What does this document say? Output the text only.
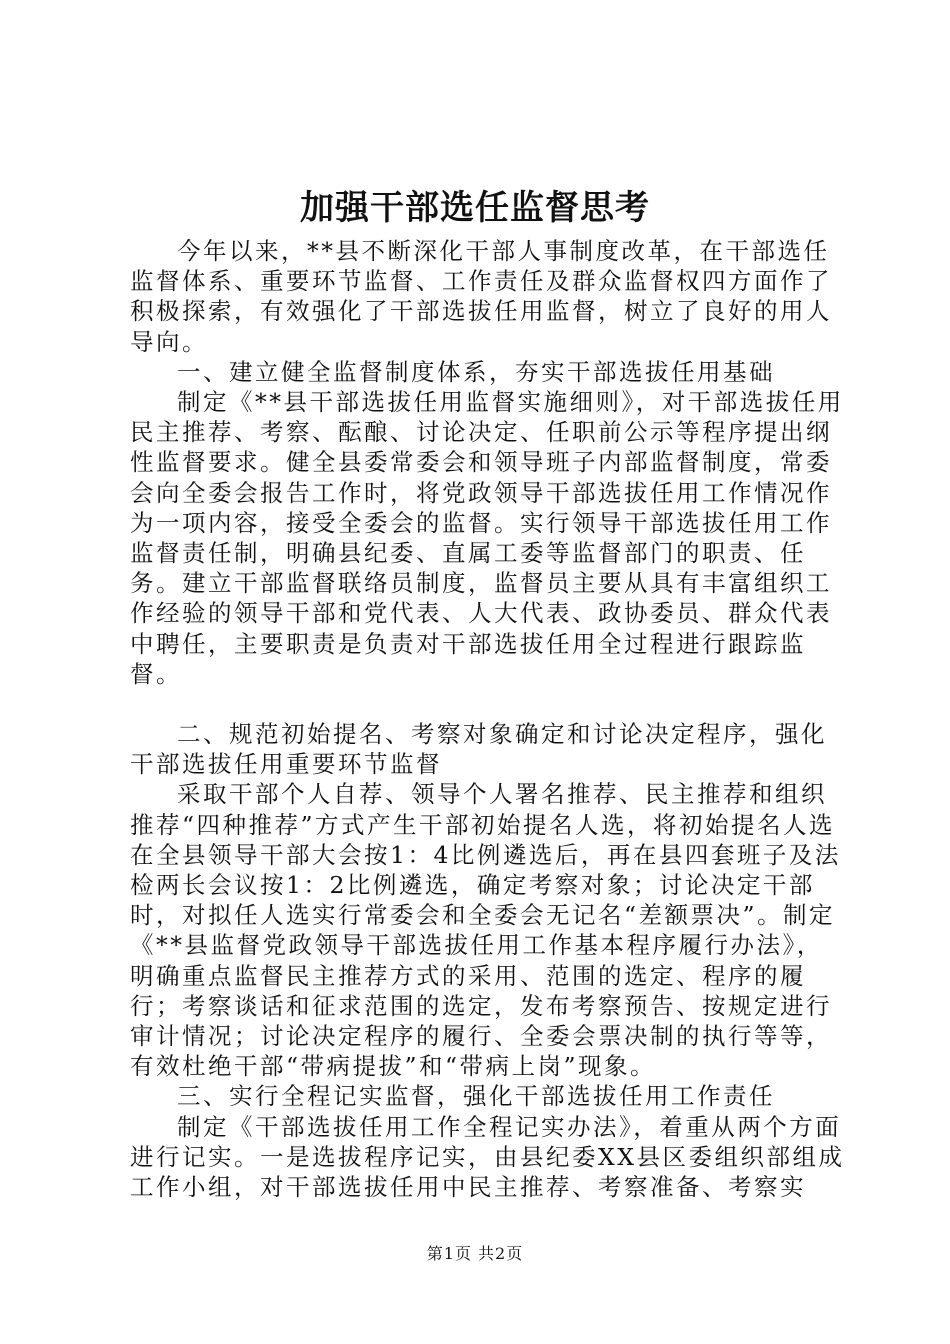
加强干部选任监督思考

今年以来，**县不断深化干部人事制度改革，在干部选任监督体系、重要环节监督、工作责任及群众监督权四方面作了积极探索，有效强化了干部选拔任用监督，树立了良好的用人导向。

一、建立健全监督制度体系，夯实干部选拔任用基础

制定《**县干部选拔任用监督实施细则》，对干部选拔任用民主推荐、考察、酝酿、讨论决定、任职前公示等程序提出纲性监督要求。健全县委常委会和领导班子内部监督制度，常委会向全委会报告工作时，将党政领导干部选拔任用工作情况作为一项内容，接受全委会的监督。实行领导干部选拔任用工作监督责任制，明确县纪委、直属工委等监督部门的职责、任务。建立干部监督联络员制度，监督员主要从具有丰富组织工作经验的领导干部和党代表、人大代表、政协委员、群众代表中聘任，主要职责是负责对干部选拔任用全过程进行跟踪监督。

二、规范初始提名、考察对象确定和讨论决定程序，强化干部选拔任用重要环节监督

采取干部个人自荐、领导个人署名推荐、民主推荐和组织推荐“四种推荐”方式产生干部初始提名人选，将初始提名人选在全县领导干部大会按1：4比例遴选后，再在县四套班子及法检两长会议按1：2比例遴选，确定考察对象；讨论决定干部时，对拟任人选实行常委会和全委会无记名“差额票决”。制定《**县监督党政领导干部选拔任用工作基本程序履行办法》，明确重点监督民主推荐方式的采用、范围的选定、程序的履行；考察谈话和征求范围的选定，发布考察预告、按规定进行审计情况；讨论决定程序的履行、全委会票决制的执行等等，有效杜绝干部“带病提拔”和“带病上岗”现象。

三、实行全程记实监督，强化干部选拔任用工作责任

制定《干部选拔任用工作全程记实办法》，着重从两个方面进行记实。一是选拔程序记实，由县纪委XX县区委组织部组成工作小组，对干部选拔任用中民主推荐、考察准备、考察实

第1页 共2页
